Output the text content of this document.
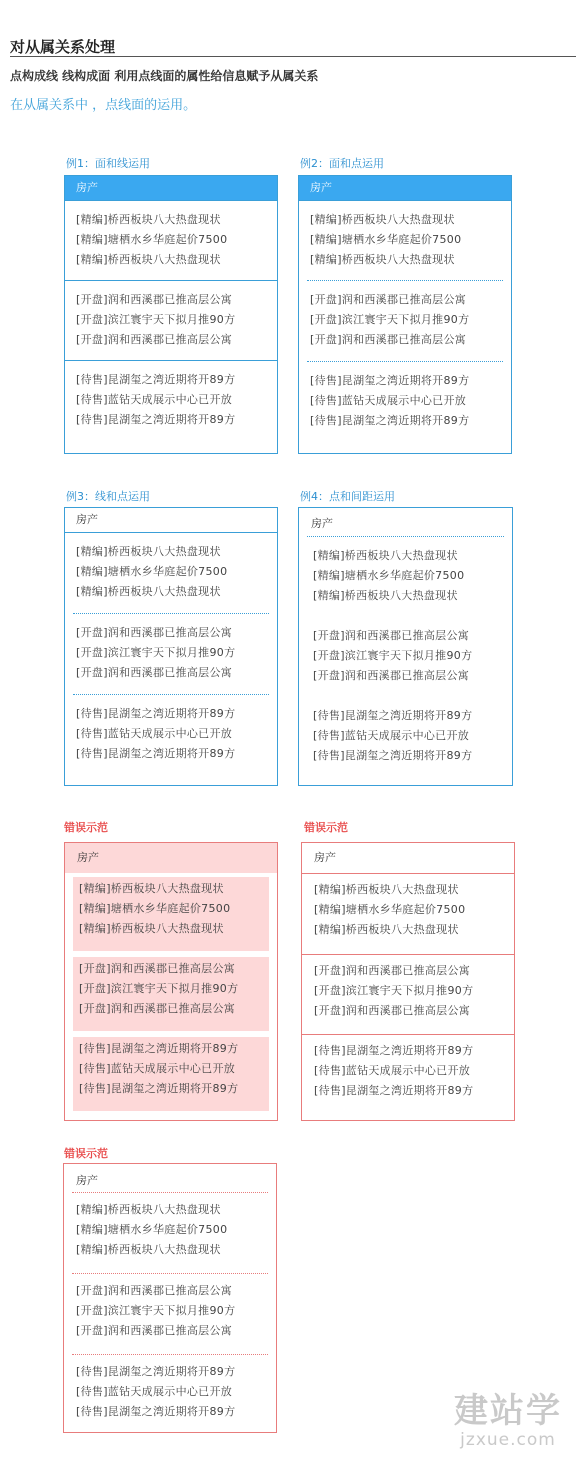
对从属关系处理
点构成线 线构成面 利用点线面的属性给信息赋予从属关系
在从属关系中 ，点线面的运用。
例1：面和线运用
房产
[精编]桥西板块八大热盘现状
[精编]塘栖水乡华庭起价7500
[精编]桥西板块八大热盘现状
[开盘]润和西溪郡已推高层公寓
[开盘]滨江寰宇天下拟月推90方
[开盘]润和西溪郡已推高层公寓
[待售]昆湖玺之湾近期将开89方
[待售]蓝钻天成展示中心已开放
[待售]昆湖玺之湾近期将开89方
例2：面和点运用
房产
[精编]桥西板块八大热盘现状
[精编]塘栖水乡华庭起价7500
[精编]桥西板块八大热盘现状
[开盘]润和西溪郡已推高层公寓
[开盘]滨江寰宇天下拟月推90方
[开盘]润和西溪郡已推高层公寓
[待售]昆湖玺之湾近期将开89方
[待售]蓝钻天成展示中心已开放
[待售]昆湖玺之湾近期将开89方
例3：线和点运用
房产
[精编]桥西板块八大热盘现状
[精编]塘栖水乡华庭起价7500
[精编]桥西板块八大热盘现状
[开盘]润和西溪郡已推高层公寓
[开盘]滨江寰宇天下拟月推90方
[开盘]润和西溪郡已推高层公寓
[待售]昆湖玺之湾近期将开89方
[待售]蓝钻天成展示中心已开放
[待售]昆湖玺之湾近期将开89方
例4：点和间距运用
房产
[精编]桥西板块八大热盘现状
[精编]塘栖水乡华庭起价7500
[精编]桥西板块八大热盘现状
[开盘]润和西溪郡已推高层公寓
[开盘]滨江寰宇天下拟月推90方
[开盘]润和西溪郡已推高层公寓
[待售]昆湖玺之湾近期将开89方
[待售]蓝钻天成展示中心已开放
[待售]昆湖玺之湾近期将开89方
错误示范
房产
[精编]桥西板块八大热盘现状
[精编]塘栖水乡华庭起价7500
[精编]桥西板块八大热盘现状
[开盘]润和西溪郡已推高层公寓
[开盘]滨江寰宇天下拟月推90方
[开盘]润和西溪郡已推高层公寓
[待售]昆湖玺之湾近期将开89方
[待售]蓝钻天成展示中心已开放
[待售]昆湖玺之湾近期将开89方
错误示范
房产
[精编]桥西板块八大热盘现状
[精编]塘栖水乡华庭起价7500
[精编]桥西板块八大热盘现状
[开盘]润和西溪郡已推高层公寓
[开盘]滨江寰宇天下拟月推90方
[开盘]润和西溪郡已推高层公寓
[待售]昆湖玺之湾近期将开89方
[待售]蓝钻天成展示中心已开放
[待售]昆湖玺之湾近期将开89方
错误示范
房产
[精编]桥西板块八大热盘现状
[精编]塘栖水乡华庭起价7500
[精编]桥西板块八大热盘现状
[开盘]润和西溪郡已推高层公寓
[开盘]滨江寰宇天下拟月推90方
[开盘]润和西溪郡已推高层公寓
[待售]昆湖玺之湾近期将开89方
[待售]蓝钻天成展示中心已开放
[待售]昆湖玺之湾近期将开89方	建站学
jzxue.com
